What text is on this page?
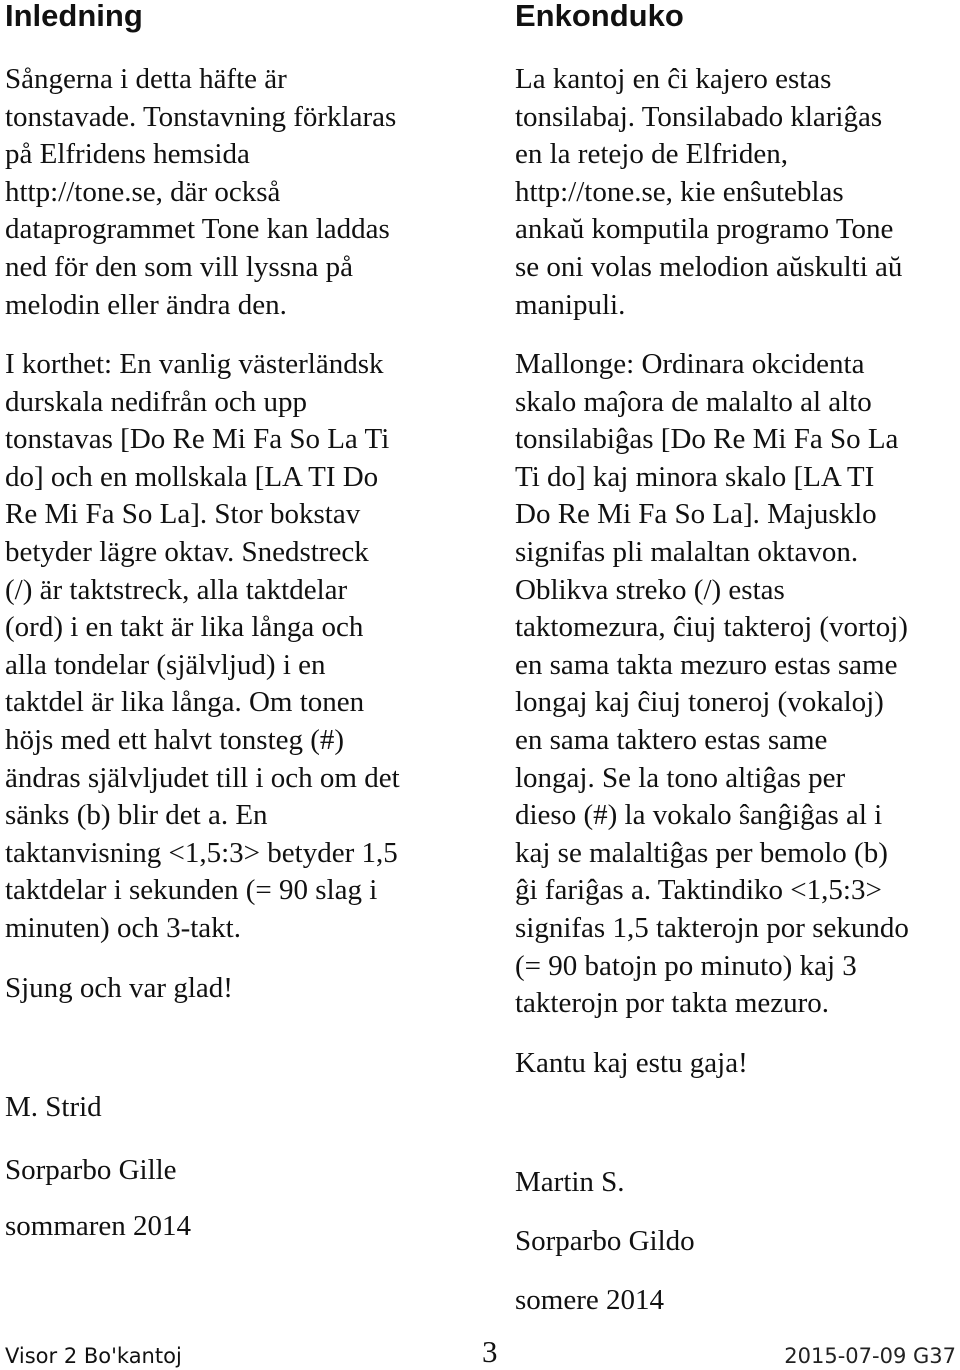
Inledning

Sångerna i detta häfte är
tonstavade. Tonstavning förklaras
på Elfridens hemsida
http://tone.se, där också
dataprogrammet Tone kan laddas
ned för den som vill lyssna på
melodin eller ändra den.

I korthet: En vanlig västerländsk
durskala nedifrån och upp
tonstavas [Do Re Mi Fa So La Ti
do] och en mollskala [LA TI Do
Re Mi Fa So La]. Stor bokstav
betyder lägre oktav. Snedstreck
(/) är taktstreck, alla taktdelar
(ord) i en takt är lika långa och
alla tondelar (självljud) i en
taktdel är lika långa. Om tonen
höjs med ett halvt tonsteg (#)
ändras självljudet till i och om det
sänks (b) blir det a. En
taktanvisning <1,5:3> betyder 1,5
taktdelar i sekunden (= 90 slag i
minuten) och 3-takt.

Sjung och var glad!

M. Strid

Sorparbo Gille

sommaren 2014

Enkonduko

La kantoj en ĉi kajero estas
tonsilabaj. Tonsilabado klariĝas
en la retejo de Elfriden,
http://tone.se, kie enŝuteblas
ankaŭ komputila programo Tone
se oni volas melodion aŭskulti aŭ
manipuli.

Mallonge: Ordinara okcidenta
skalo maĵora de malalto al alto
tonsilabiĝas [Do Re Mi Fa So La
Ti do] kaj minora skalo [LA TI
Do Re Mi Fa So La]. Majusklo
signifas pli malaltan oktavon.
Oblikva streko (/) estas
taktomezura, ĉiuj takteroj (vortoj)
en sama takta mezuro estas same
longaj kaj ĉiuj toneroj (vokaloj)
en sama taktero estas same
longaj. Se la tono altiĝas per
dieso (#) la vokalo ŝanĝiĝas al i
kaj se malaltiĝas per bemolo (b)
ĝi fariĝas a. Taktindiko <1,5:3>
signifas 1,5 takterojn por sekundo
(= 90 batojn po minuto) kaj 3
takterojn por takta mezuro.

Kantu kaj estu gaja!

Martin S.

Sorparbo Gildo

somere 2014

Visor 2 Bo'kantoj	3	2015-07-09 G37
